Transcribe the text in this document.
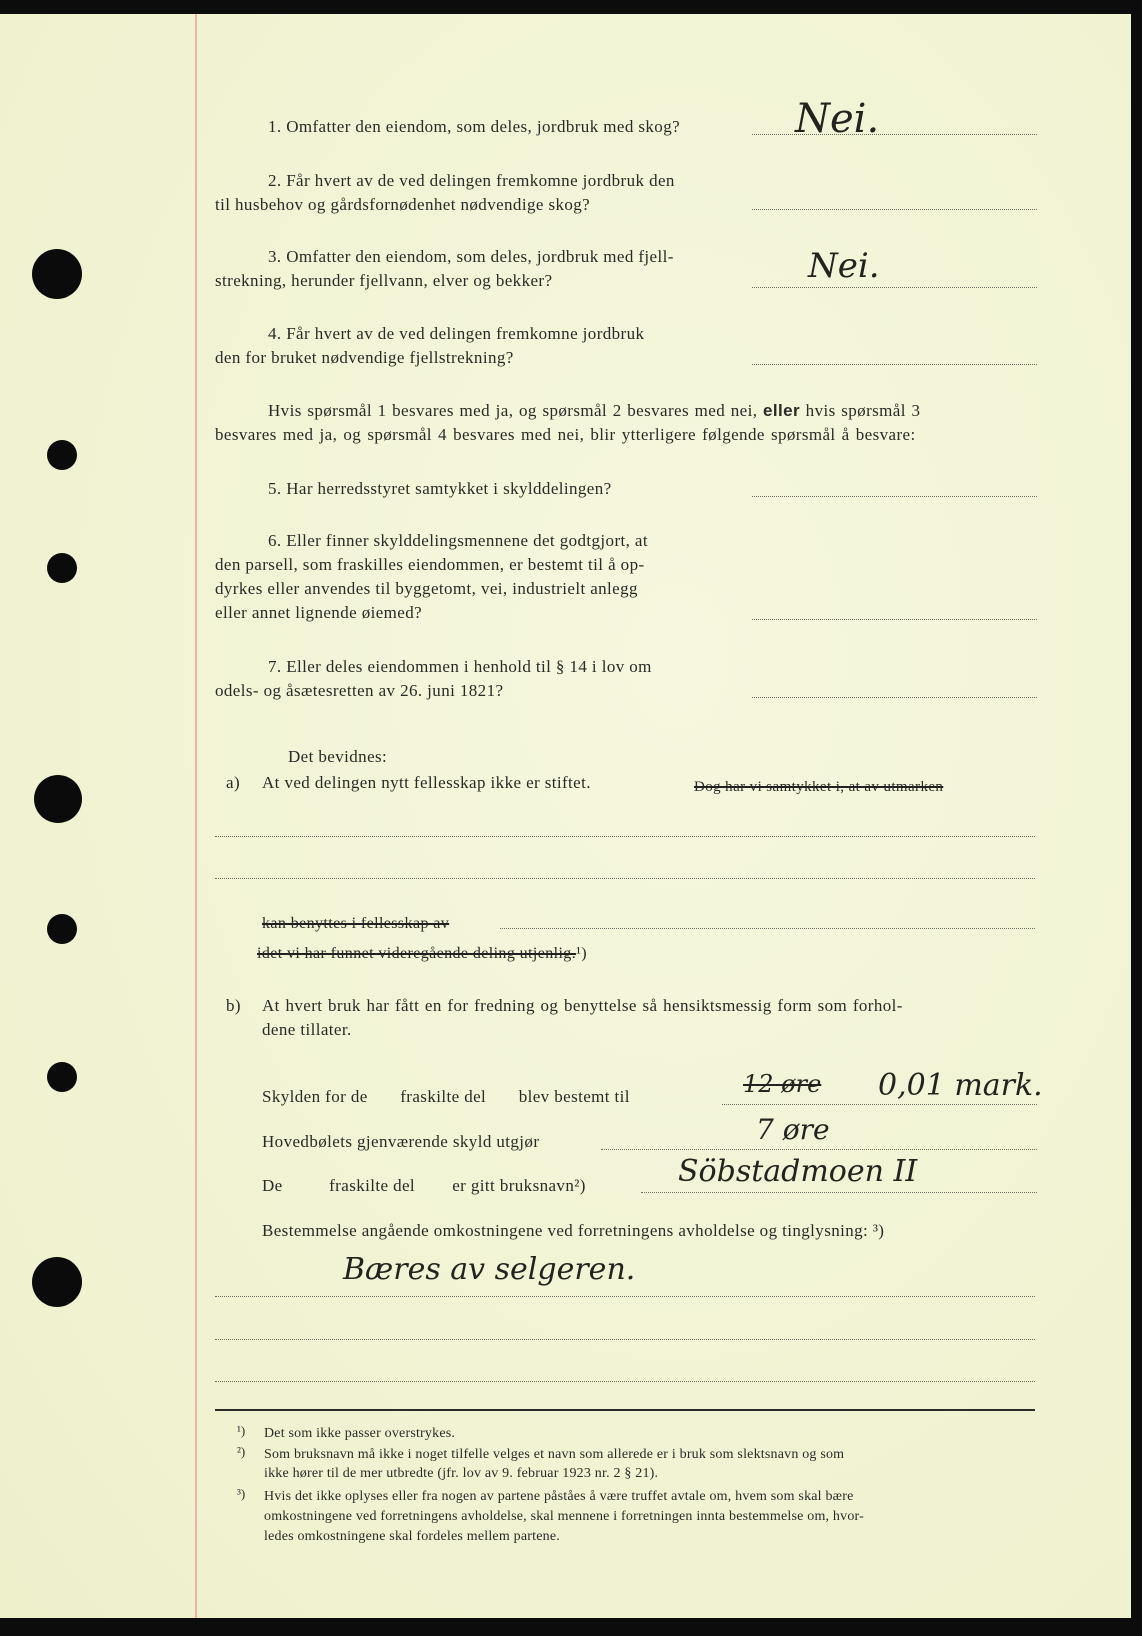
1. Omfatter den eiendom, som deles, jordbruk med skog?	Nei.
2. Får hvert av de ved delingen fremkomne jordbruk den
til husbehov og gårdsfornødenhet nødvendige skog?
3. Omfatter den eiendom, som deles, jordbruk med fjell-
strekning, herunder fjellvann, elver og bekker?	Nei.
4. Får hvert av de ved delingen fremkomne jordbruk
den for bruket nødvendige fjellstrekning?
Hvis spørsmål 1 besvares med ja, og spørsmål 2 besvares med nei, eller hvis spørsmål 3
besvares med ja, og spørsmål 4 besvares med nei, blir ytterligere følgende spørsmål å besvare:
5. Har herredsstyret samtykket i skylddelingen?
6. Eller finner skylddelingsmennene det godtgjort, at
den parsell, som fraskilles eiendommen, er bestemt til å op-
dyrkes eller anvendes til byggetomt, vei, industrielt anlegg
eller annet lignende øiemed?
7. Eller deles eiendommen i henhold til § 14 i lov om
odels- og åsætesretten av 26. juni 1821?
Det bevidnes:
a) At ved delingen nytt fellesskap ikke er stiftet.	Dog har vi samtykket i, at av utmarken
kan benyttes i fellesskap av
idet vi har funnet videregående deling utjenlig.¹)
b) At hvert bruk har fått en for fredning og benyttelse så hensiktsmessig form som forhol-
dene tillater.
Skylden for de       fraskilte del       blev bestemt til	12 øre 0,01 mark.
Hovedbølets gjenværende skyld utgjør	7 øre
De          fraskilte del        er gitt bruksnavn²)	Söbstadmoen II
Bestemmelse angående omkostningene ved forretningens avholdelse og tinglysning: ³)
Bæres av selgeren.
¹) Det som ikke passer overstrykes.
²) Som bruksnavn må ikke i noget tilfelle velges et navn som allerede er i bruk som slektsnavn og som
ikke hører til de mer utbredte (jfr. lov av 9. februar 1923 nr. 2 § 21).
³) Hvis det ikke oplyses eller fra nogen av partene påståes å være truffet avtale om, hvem som skal bære
omkostningene ved forretningens avholdelse, skal mennene i forretningen innta bestemmelse om, hvor-
ledes omkostningene skal fordeles mellem partene.
